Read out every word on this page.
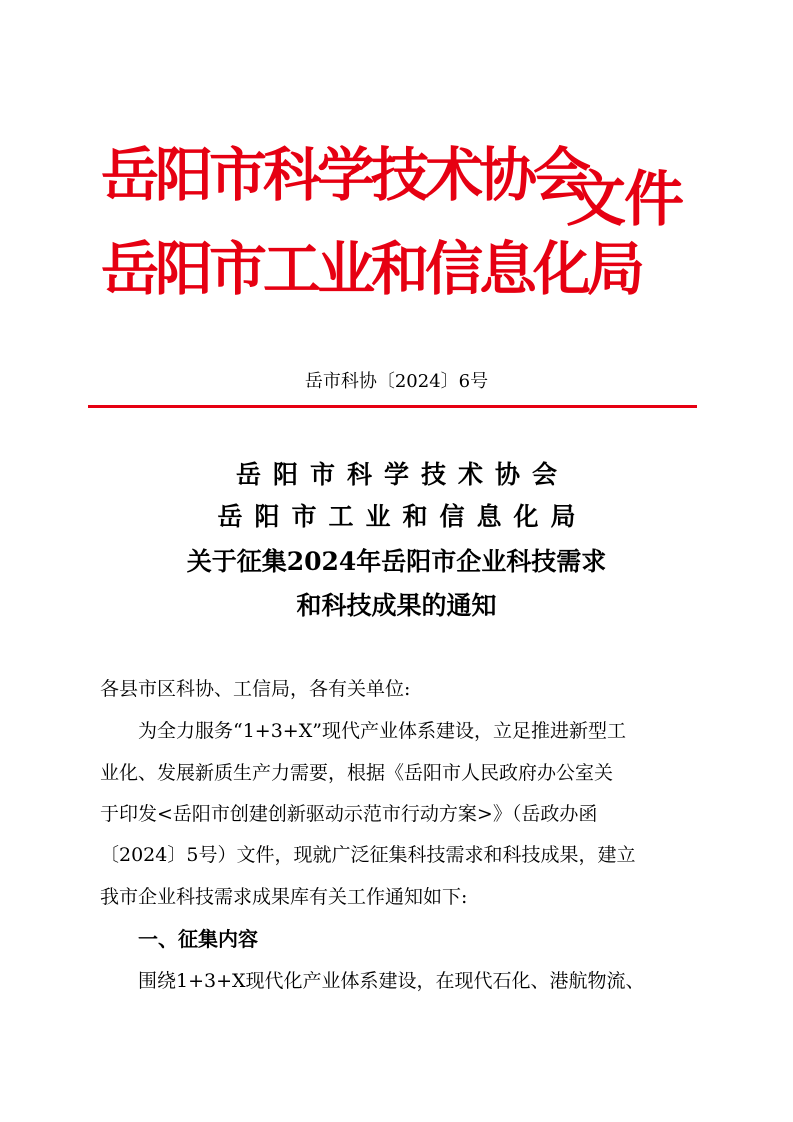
岳阳市科学技术协会
岳阳市工业和信息化局
文件
岳市科协〔2024〕6号
岳阳市科学技术协会
岳阳市工业和信息化局
关于征集2024年岳阳市企业科技需求
和科技成果的通知
各县市区科协、工信局，各有关单位:
为全力服务“1+3+X”现代产业体系建设，立足推进新型工
业化、发展新质生产力需要，根据《岳阳市人民政府办公室关
于印发<岳阳市创建创新驱动示范市行动方案>》（岳政办函
〔2024〕5号）文件，现就广泛征集科技需求和科技成果，建立
我市企业科技需求成果库有关工作通知如下:
一、征集内容
围绕1+3+X现代化产业体系建设，在现代石化、港航物流、
